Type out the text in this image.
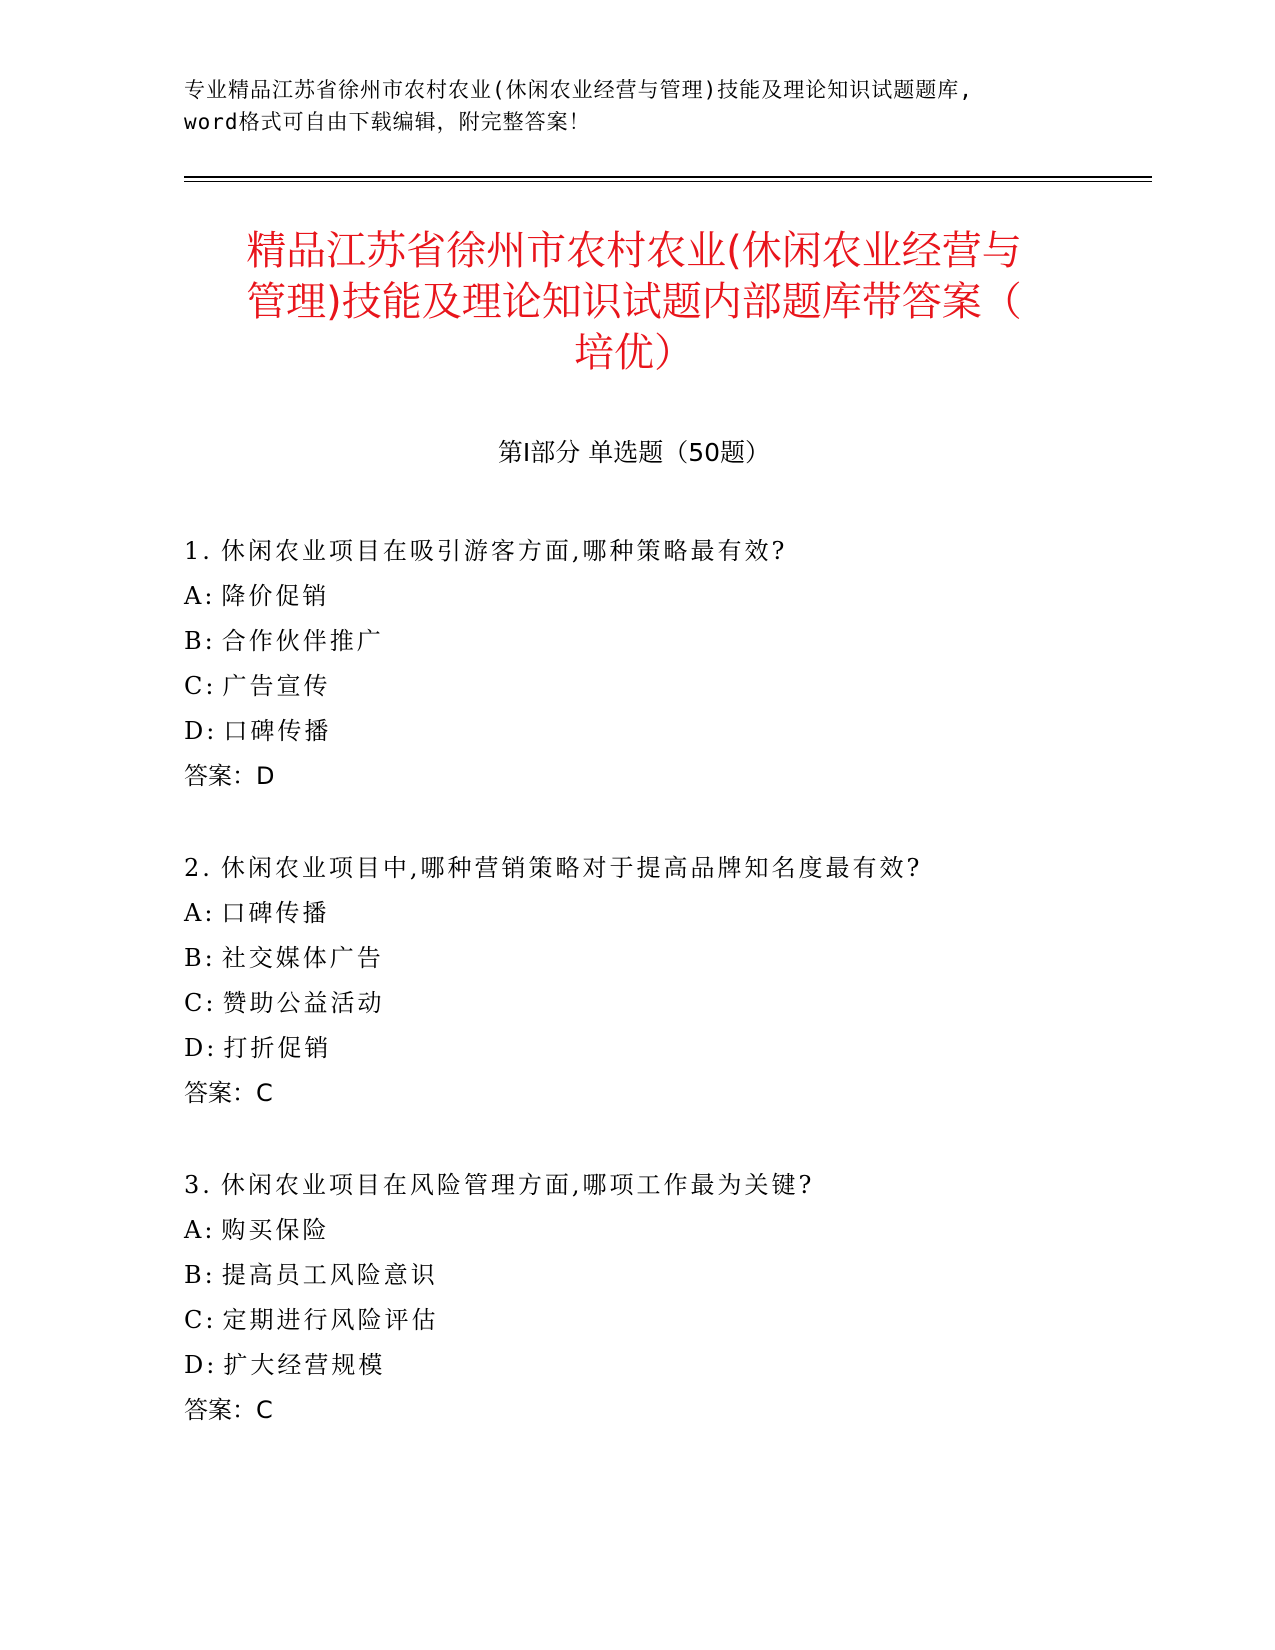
专业精品江苏省徐州市农村农业(休闲农业经营与管理)技能及理论知识试题题库,
word格式可自由下载编辑，附完整答案！
精品江苏省徐州市农村农业(休闲农业经营与
管理)技能及理论知识试题内部题库带答案（
培优）
第Ⅰ部分 单选题（50题）
1. 休闲农业项目在吸引游客方面,哪种策略最有效?
A: 降价促销
B: 合作伙伴推广
C: 广告宣传
D: 口碑传播
答案：D
2. 休闲农业项目中,哪种营销策略对于提高品牌知名度最有效?
A: 口碑传播
B: 社交媒体广告
C: 赞助公益活动
D: 打折促销
答案：C
3. 休闲农业项目在风险管理方面,哪项工作最为关键?
A: 购买保险
B: 提高员工风险意识
C: 定期进行风险评估
D: 扩大经营规模
答案：C
